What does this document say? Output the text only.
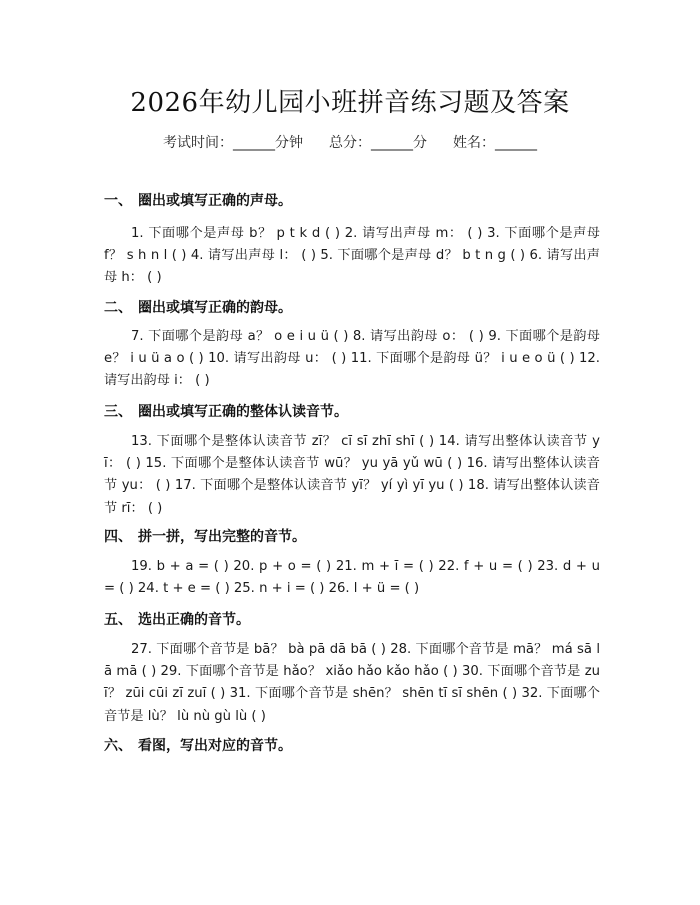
2026年幼儿园小班拼音练习题及答案
考试时间：______分钟 总分：______分 姓名：______
一、 圈出或填写正确的声母。
1. 下面哪个是声母 b？ p t k d ( ) 2. 请写出声母 m： ( ) 3. 下面哪个是声母 f？ s h n l ( ) 4. 请写出声母 l： ( ) 5. 下面哪个是声母 d？ b t n g ( ) 6. 请写出声母 h： ( )
二、 圈出或填写正确的韵母。
7. 下面哪个是韵母 a？ o e i u ü ( ) 8. 请写出韵母 o： ( ) 9. 下面哪个是韵母 e？ i u ü a o ( ) 10. 请写出韵母 u： ( ) 11. 下面哪个是韵母 ü？ i u e o ü ( ) 12. 请写出韵母 i： ( )
三、 圈出或填写正确的整体认读音节。
13. 下面哪个是整体认读音节 zī？ cī sī zhī shī ( ) 14. 请写出整体认读音节 yī： ( ) 15. 下面哪个是整体认读音节 wū？ yu yā yǔ wū ( ) 16. 请写出整体认读音节 yu： ( ) 17. 下面哪个是整体认读音节 yī？ yí yì yī yu ( ) 18. 请写出整体认读音节 rī： ( )
四、 拼一拼，写出完整的音节。
19. b + a = ( ) 20. p + o = ( ) 21. m + ī = ( ) 22. f + u = ( ) 23. d + u = ( ) 24. t + e = ( ) 25. n + i = ( ) 26. l + ü = ( )
五、 选出正确的音节。
27. 下面哪个音节是 bā？ bà pā dā bā ( ) 28. 下面哪个音节是 mā？ má sā lā mā ( ) 29. 下面哪个音节是 hǎo？ xiǎo hǎo kǎo hǎo ( ) 30. 下面哪个音节是 zuī？ zūi cūi zī zuī ( ) 31. 下面哪个音节是 shēn？ shēn tī sī shēn ( ) 32. 下面哪个音节是 lù？ lù nù gù lù ( )
六、 看图，写出对应的音节。
